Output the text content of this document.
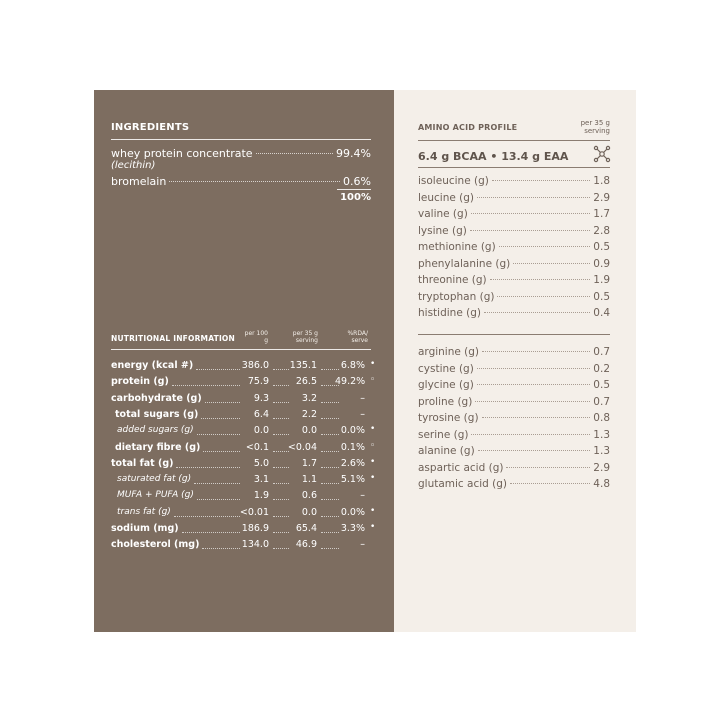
INGREDIENTS
whey protein concentrate	99.4%
(lecithin)
bromelain	0.6%
100%
NUTRITIONAL INFORMATION
per 100 g
per 35 g serving
%RDA/ serve
energy (kcal #)	386.0 135.1	6.8% •
protein (g)	75.9	26.5 49.2% ◦
carbohydrate (g)	9.3	3.2	–
total sugars (g)	6.4	2.2	–
added sugars (g)	0.0	0.0	0.0% •
dietary fibre (g)	<0.1 <0.04	0.1% ◦
total fat (g)	5.0	1.7	2.6% •
saturated fat (g)	3.1	1.1	5.1% •
MUFA + PUFA (g)	1.9	0.6	–
trans fat (g)	<0.01	0.0	0.0% •
sodium (mg)	186.9	65.4	3.3% •
cholesterol (mg)	134.0	46.9	–
AMINO ACID PROFILE	per 35 g serving
6.4 g BCAA • 13.4 g EAA
isoleucine (g)	1.8
leucine (g)	2.9
valine (g)	1.7
lysine (g)	2.8
methionine (g)	0.5
phenylalanine (g)	0.9
threonine (g)	1.9
tryptophan (g)	0.5
histidine (g)	0.4
arginine (g)	0.7
cystine (g)	0.2
glycine (g)	0.5
proline (g)	0.7
tyrosine (g)	0.8
serine (g)	1.3
alanine (g)	1.3
aspartic acid (g)	2.9
glutamic acid (g)	4.8
